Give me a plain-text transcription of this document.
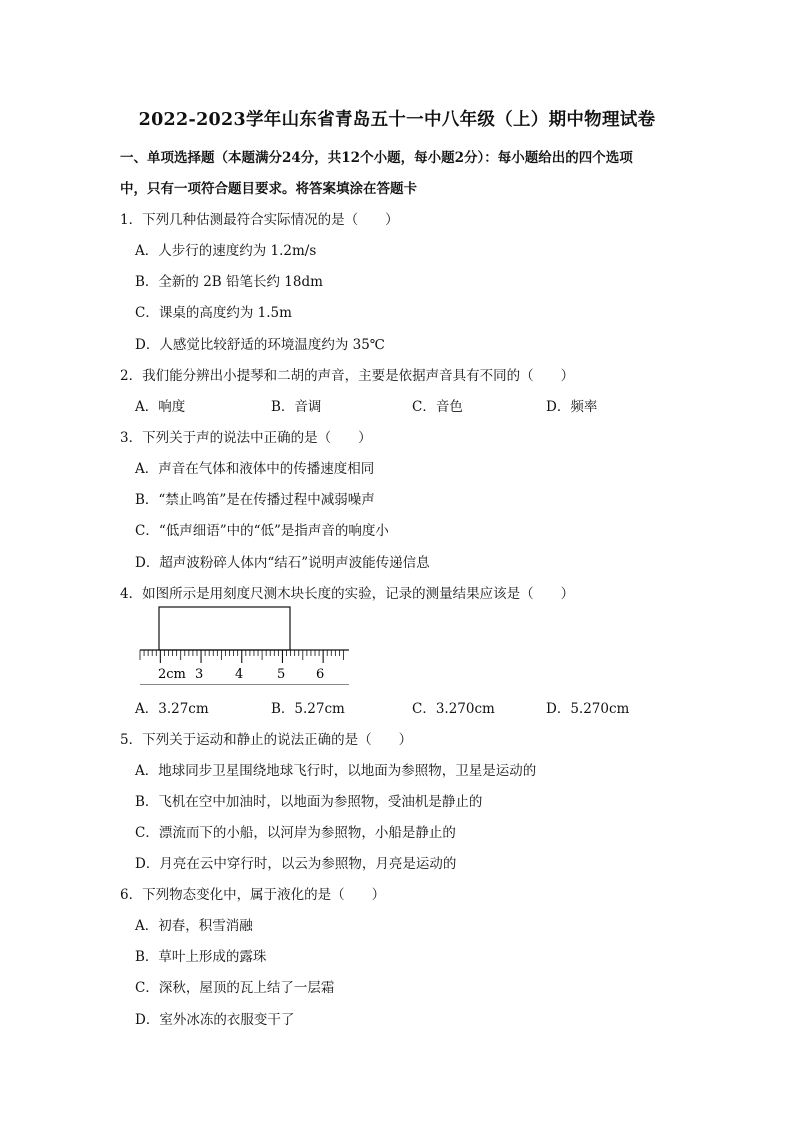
2022-2023学年山东省青岛五十一中八年级（上）期中物理试卷
一、单项选择题（本题满分24分，共12个小题，每小题2分）：每小题给出的四个选项
中，只有一项符合题目要求。将答案填涂在答题卡
1．下列几种估测最符合实际情况的是（　　）
A．人步行的速度约为 1.2m/s
B．全新的 2B 铅笔长约 18dm
C．课桌的高度约为 1.5m
D．人感觉比较舒适的环境温度约为 35℃
2．我们能分辨出小提琴和二胡的声音，主要是依据声音具有不同的（　　）
A．响度	B．音调	C．音色	D．频率
3．下列关于声的说法中正确的是（　　）
A．声音在气体和液体中的传播速度相同
B．“禁止鸣笛”是在传播过程中减弱噪声
C．“低声细语”中的“低”是指声音的响度小
D．超声波粉碎人体内“结石”说明声波能传递信息
4．如图所示是用刻度尺测木块长度的实验，记录的测量结果应该是（　　）
2cm 3 4	5 6
A．3.27cm	B．5.27cm	C．3.270cm	D．5.270cm
5．下列关于运动和静止的说法正确的是（　　）
A．地球同步卫星围绕地球飞行时，以地面为参照物，卫星是运动的
B．飞机在空中加油时，以地面为参照物，受油机是静止的
C．漂流而下的小船，以河岸为参照物，小船是静止的
D．月亮在云中穿行时，以云为参照物，月亮是运动的
6．下列物态变化中，属于液化的是（　　）
A．初春，积雪消融
B．草叶上形成的露珠
C．深秋，屋顶的瓦上结了一层霜
D．室外冰冻的衣服变干了
